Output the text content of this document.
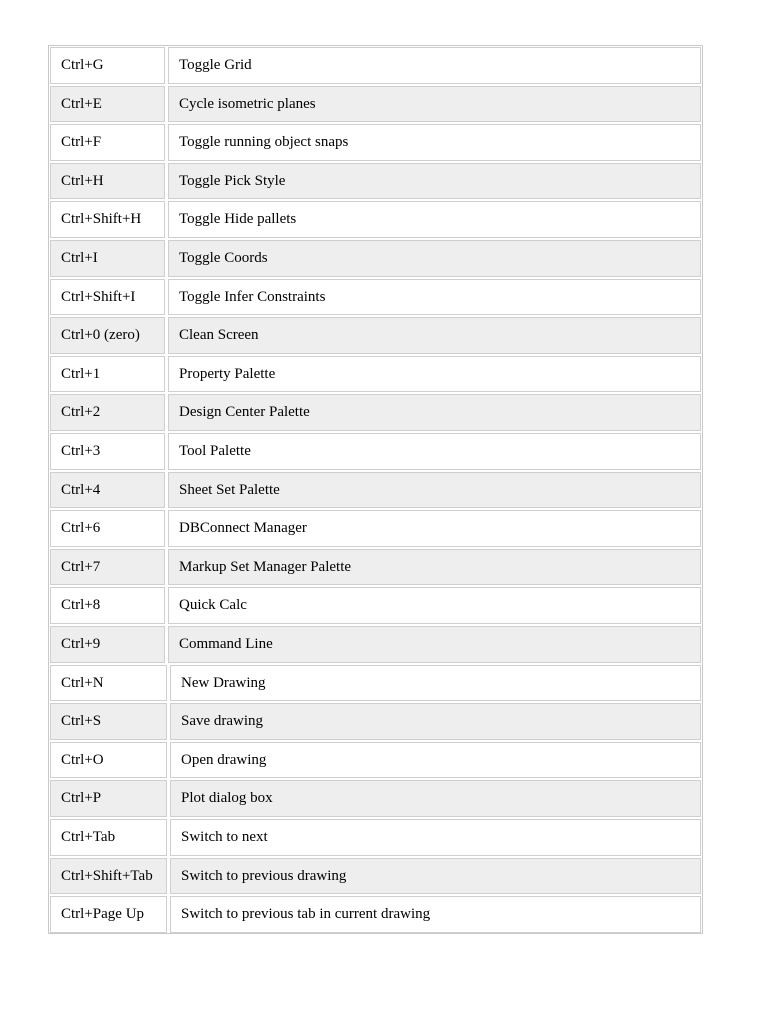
Ctrl+G	Toggle Grid
Ctrl+E	Cycle isometric planes
Ctrl+F	Toggle running object snaps
Ctrl+H	Toggle Pick Style
Ctrl+Shift+H	Toggle Hide pallets
Ctrl+I	Toggle Coords
Ctrl+Shift+I	Toggle Infer Constraints
Ctrl+0 (zero)	Clean Screen
Ctrl+1	Property Palette
Ctrl+2	Design Center Palette
Ctrl+3	Tool Palette
Ctrl+4	Sheet Set Palette
Ctrl+6	DBConnect Manager
Ctrl+7	Markup Set Manager Palette
Ctrl+8	Quick Calc
Ctrl+9	Command Line
Ctrl+N	New Drawing
Ctrl+S	Save drawing
Ctrl+O	Open drawing
Ctrl+P	Plot dialog box
Ctrl+Tab	Switch to next
Ctrl+Shift+Tab	Switch to previous drawing
Ctrl+Page Up	Switch to previous tab in current drawing
